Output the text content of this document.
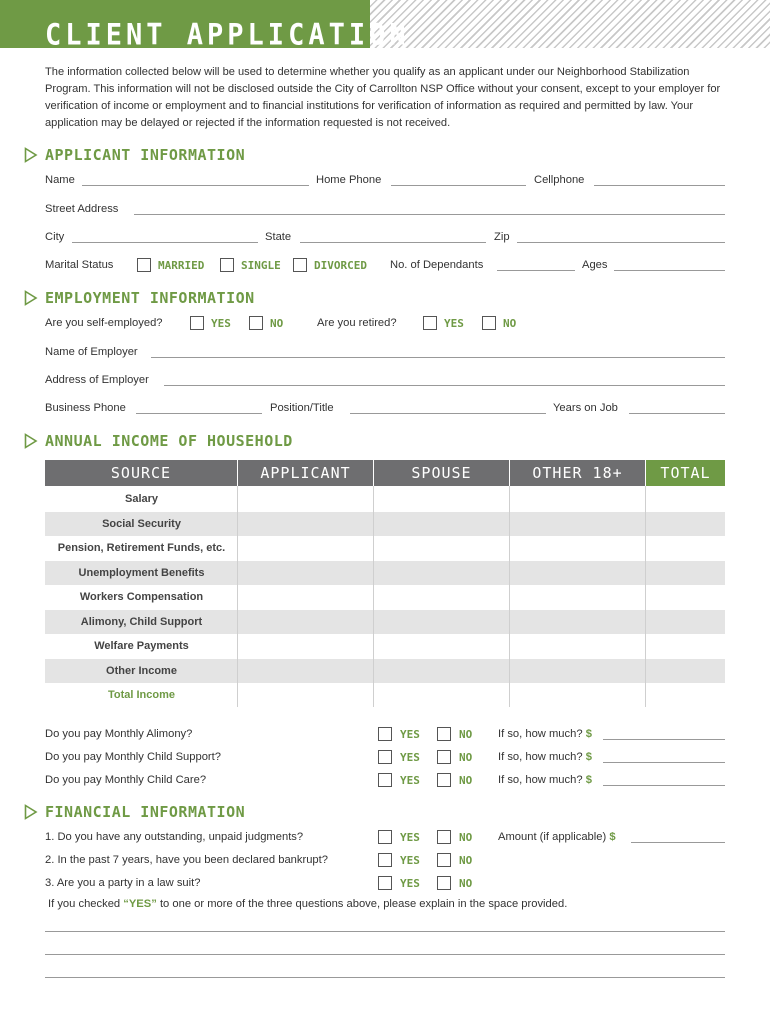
CLIENT APPLICATION

The information collected below will be used to determine whether you qualify as an applicant under our Neighborhood Stabilization Program. This information will not be disclosed outside the City of Carrollton NSP Office without your consent, except to your employer for verification of income or employment and to financial institutions for verification of information as required and permitted by law. Your application may be delayed or rejected if the information requested is not received.

APPLICANT INFORMATION
Name	Home Phone	Cellphone
Street Address
City	State	Zip
Marital Status	MARRIED	SINGLE	DIVORCED No. of Dependants	Ages
EMPLOYMENT INFORMATION
Are you self-employed?	YES	NO	Are you retired?	YES	NO
Name of Employer
Address of Employer
Business Phone	Position/Title	Years on Job
ANNUAL INCOME OF HOUSEHOLD
SOURCE	APPLICANT	SPOUSE	OTHER 18+	TOTAL
Salary
Social Security
Pension, Retirement Funds, etc.
Unemployment Benefits
Workers Compensation
Alimony, Child Support
Welfare Payments
Other Income
Total Income
Do you pay Monthly Alimony?	YES	NO If so, how much? $
Do you pay Monthly Child Support?	YES	NO If so, how much? $
Do you pay Monthly Child Care?	YES	NO If so, how much? $
FINANCIAL INFORMATION
1. Do you have any outstanding, unpaid judgments?	YES	NO Amount (if applicable) $
2. In the past 7 years, have you been declared bankrupt?	YES	NO
3. Are you a party in a law suit?	YES	NO
If you checked “YES” to one or more of the three questions above, please explain in the space provided.
